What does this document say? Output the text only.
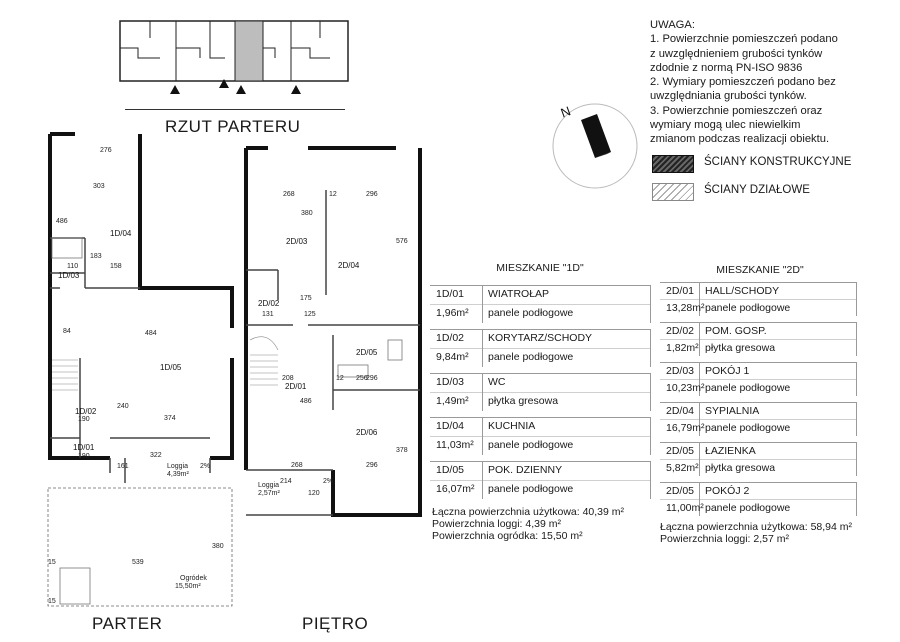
RZUT PARTERU
UWAGA:
1. Powierzchnie pomieszczeń podano
z uwzględnieniem grubości tynków
zdodnie z normą PN-ISO 9836
2. Wymiary pomieszczeń podano bez
uwzględniania grubości tynków.
3. Powierzchnie pomieszczeń oraz
wymiary mogą ulec niewielkim
zmianom podczas realizacji obiektu.
N
ŚCIANY KONSTRUKCYJNE
ŚCIANY DZIAŁOWE
1D/04
1D/03
1D/05
1D/02
1D/01
Loggia
4,39m²
Ogródek
15,50m²
276
303
486
110	158
183
484
84
190
240
374
322
190
161	2%
539
380
15
15
2D/03
2D/04
2D/02
2D/05
2D/01
2D/06
Loggia
2,57m²
268	12	296
380
576
131	125
175
12 256
296
208
486
268	296
378
214
120
2%
MIESZKANIE "1D"
1D/01 WIATROŁAP
1,96m² panele podłogowe
1D/02 KORYTARZ/SCHODY
9,84m² panele podłogowe
1D/03 WC
1,49m² płytka gresowa
1D/04 KUCHNIA
11,03m² panele podłogowe
1D/05 POK. DZIENNY
16,07m² panele podłogowe
Łączna powierzchnia użytkowa: 40,39 m²
Powierzchnia loggi: 4,39 m²
Powierzchnia ogródka: 15,50 m²
MIESZKANIE "2D"
2D/01 HALL/SCHODY
13,28m² panele podłogowe
2D/02 POM. GOSP.
1,82m² płytka gresowa
2D/03 POKÓJ 1
10,23m² panele podłogowe
2D/04 SYPIALNIA
16,79m² panele podłogowe
2D/05 ŁAZIENKA
5,82m² płytka gresowa
2D/05 POKÓJ 2
11,00m² panele podłogowe
Łączna powierzchnia użytkowa: 58,94 m²
Powierzchnia loggi: 2,57 m²
PARTER	PIĘTRO
